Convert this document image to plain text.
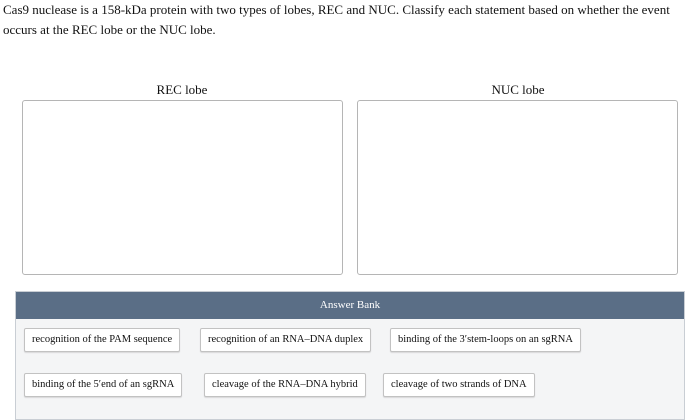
Cas9 nuclease is a 158-kDa protein with two types of lobes, REC and NUC. Classify each statement based on whether the event occurs at the REC lobe or the NUC lobe.

REC lobe	NUC lobe
Answer Bank
recognition of the PAM sequence	recognition of an RNA–DNA duplex	binding of the 3′stem-loops on an sgRNA
binding of the 5′end of an sgRNA	cleavage of the RNA–DNA hybrid	cleavage of two strands of DNA
